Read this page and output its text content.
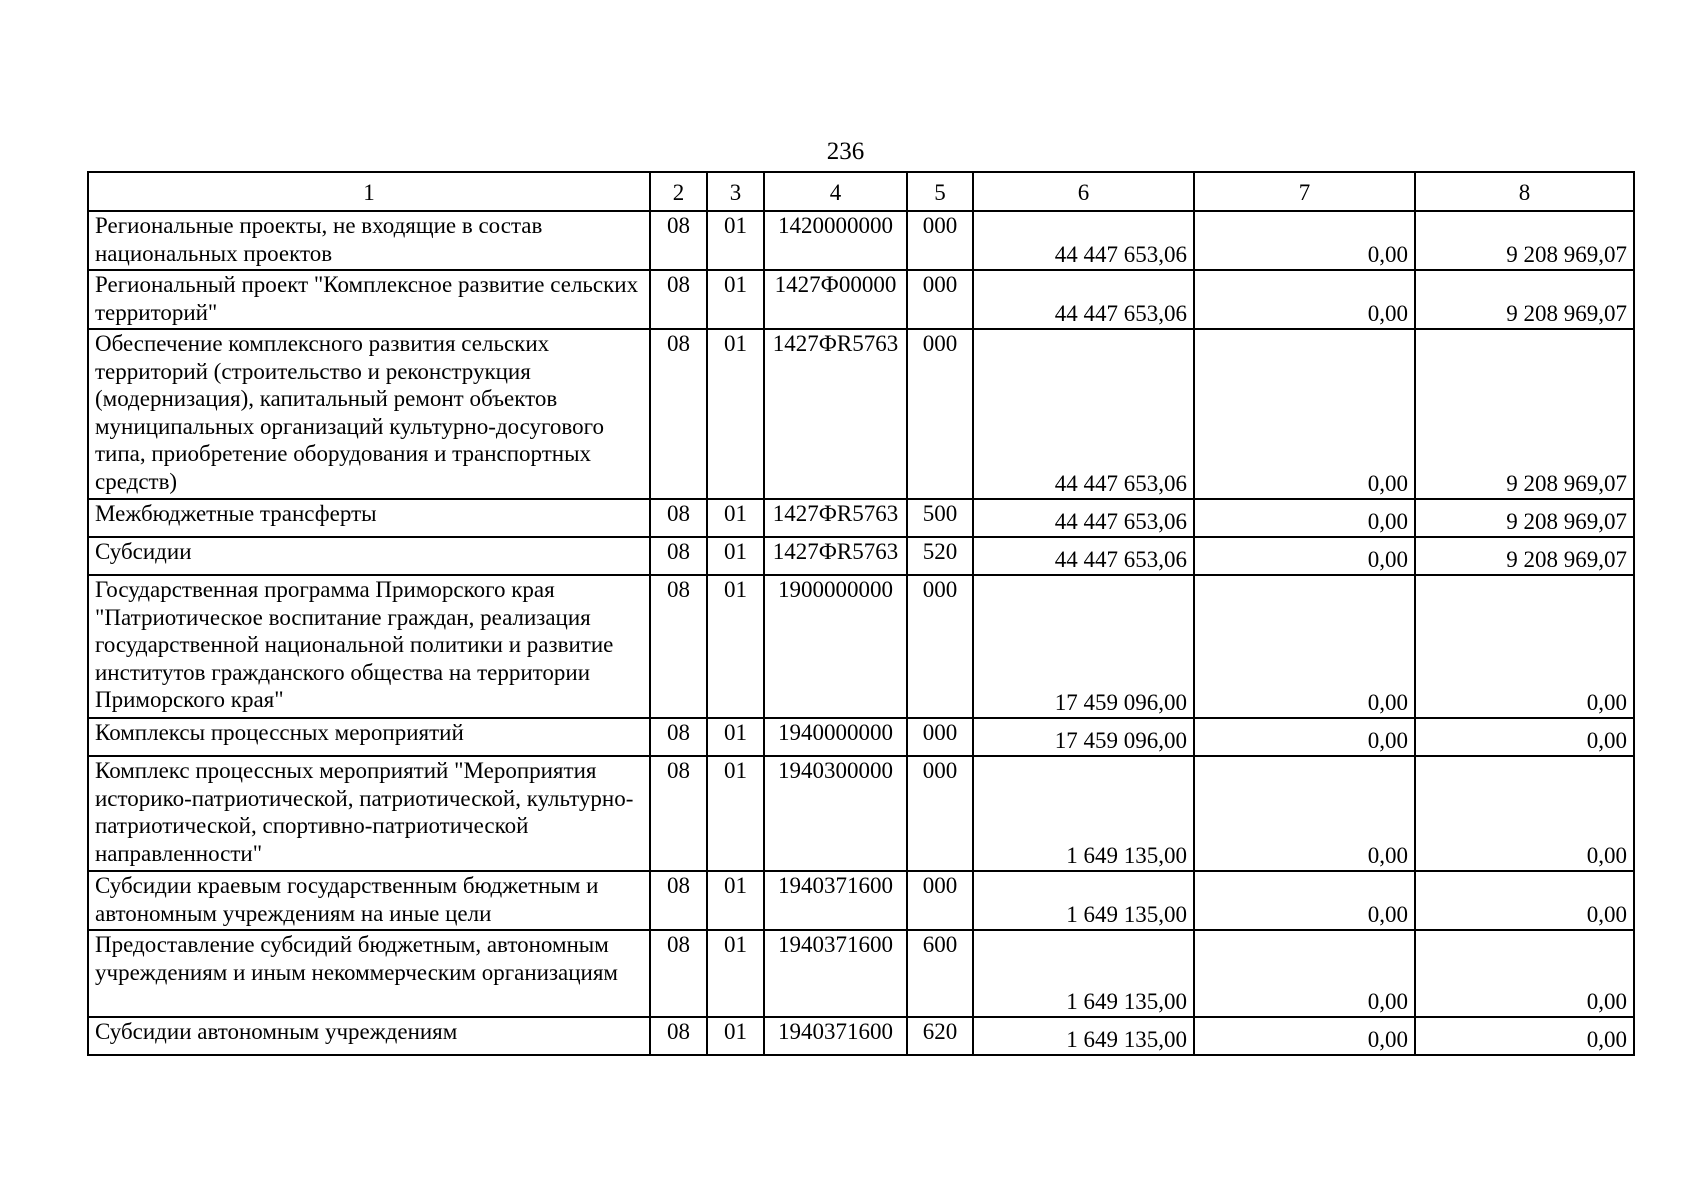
236
1	2	3	4	5	6	7	8
Региональные проекты, не входящие в состав национальных проектов	08	01	1420000000	000	44 447 653,06	0,00	9 208 969,07
Региональный проект "Комплексное развитие сельских территорий"	08	01	1427Ф00000	000	44 447 653,06	0,00	9 208 969,07
Обеспечение комплексного развития сельских территорий (строительство и реконструкция (модернизация), капитальный ремонт объектов муниципальных организаций культурно-досугового типа, приобретение оборудования и транспортных средств)	08	01	1427ФR5763	000	44 447 653,06	0,00	9 208 969,07
Межбюджетные трансферты	08	01	1427ФR5763	500	44 447 653,06	0,00	9 208 969,07
Субсидии	08	01	1427ФR5763	520	44 447 653,06	0,00	9 208 969,07
Государственная программа Приморского края "Патриотическое воспитание граждан, реализация государственной национальной политики и развитие институтов гражданского общества на территории Приморского края"	08	01	1900000000	000	17 459 096,00	0,00	0,00
Комплексы процессных мероприятий	08	01	1940000000	000	17 459 096,00	0,00	0,00
Комплекс процессных мероприятий "Мероприятия историко-патриотической, патриотической, культурно-патриотической, спортивно-патриотической направленности"	08	01	1940300000	000	1 649 135,00	0,00	0,00
Субсидии краевым государственным бюджетным и автономным учреждениям на иные цели	08	01	1940371600	000	1 649 135,00	0,00	0,00
Предоставление субсидий бюджетным, автономным учреждениям и иным некоммерческим организациям	08	01	1940371600	600	1 649 135,00	0,00	0,00
Субсидии автономным учреждениям	08	01	1940371600	620	1 649 135,00	0,00	0,00
